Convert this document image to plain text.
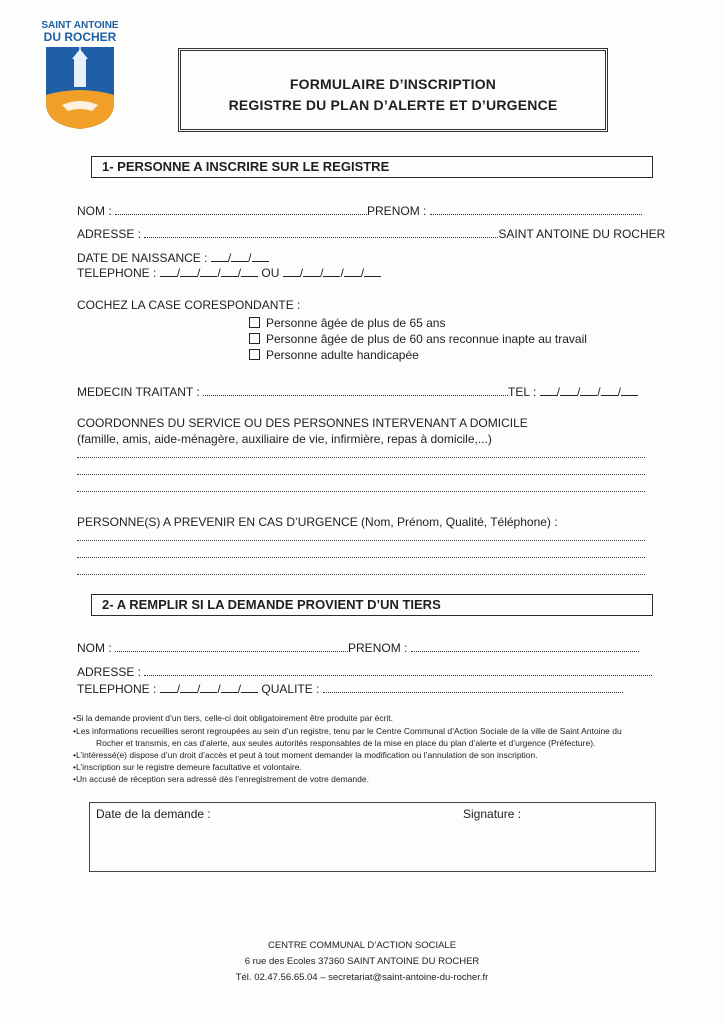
SAINT ANTOINE
DU ROCHER
FORMULAIRE D’INSCRIPTION
REGISTRE DU PLAN D’ALERTE ET D’URGENCE
1- PERSONNE A INSCRIRE SUR LE REGISTRE
NOM :	PRENOM :
ADRESSE :	SAINT ANTOINE DU ROCHER
DATE DE NAISSANCE : / /
TELEPHONE : / / / / OU / / / /
COCHEZ LA CASE CORESPONDANTE :
Personne âgée de plus de 65 ans
Personne âgée de plus de 60 ans reconnue inapte au travail
Personne adulte handicapée
MEDECIN TRAITANT :	TEL : / / / /
COORDONNES DU SERVICE OU DES PERSONNES INTERVENANT A DOMICILE
(famille, amis, aide-ménagère, auxiliaire de vie, infirmière, repas à domicile,...)
PERSONNE(S) A PREVENIR EN CAS D’URGENCE (Nom, Prénom, Qualité, Téléphone) :
2- A REMPLIR SI LA DEMANDE PROVIENT D’UN TIERS
NOM :	PRENOM :
ADRESSE :
TELEPHONE : / / / / QUALITE :
•Si la demande provient d’un tiers, celle-ci doit obligatoirement être produite par écrit.
•Les informations recueillies seront regroupées au sein d’un registre, tenu par le Centre Communal d’Action Sociale de la ville de Saint Antoine du
Rocher et transmis, en cas d’alerte, aux seules autorités responsables de la mise en place du plan d’alerte et d’urgence (Préfecture).
•L’intéressé(e) dispose d’un droit d’accès et peut à tout moment demander la modification ou l’annulation de son inscription.
•L’inscription sur le registre demeure facultative et volontaire.
•Un accusé de réception sera adressé dès l’enregistrement de votre demande.
Date de la demande :	Signature :
CENTRE COMMUNAL D’ACTION SOCIALE
6 rue des Ecoles 37360 SAINT ANTOINE DU ROCHER
Tél. 02.47.56.65.04 – secretariat@saint-antoine-du-rocher.fr
